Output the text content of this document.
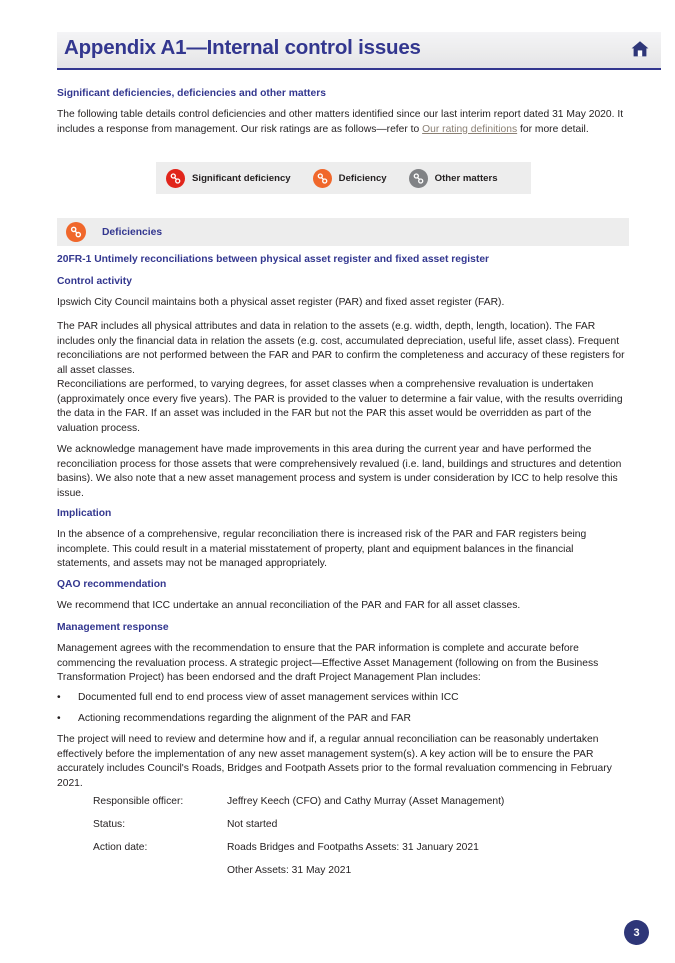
Appendix A1—Internal control issues
Significant deficiencies, deficiencies and other matters
The following table details control deficiencies and other matters identified since our last interim report dated 31 May 2020. It includes a response from management. Our risk ratings are as follows—refer to Our rating definitions for more detail.
Significant deficiency	Deficiency	Other matters
Deficiencies
20FR-1 Untimely reconciliations between physical asset register and fixed asset register
Control activity
Ipswich City Council maintains both a physical asset register (PAR) and fixed asset register (FAR).
The PAR includes all physical attributes and data in relation to the assets (e.g. width, depth, length, location). The FAR includes only the financial data in relation the assets (e.g. cost, accumulated depreciation, useful life, asset class). Frequent reconciliations are not performed between the FAR and PAR to confirm the completeness and accuracy of these registers for all asset classes.
Reconciliations are performed, to varying degrees, for asset classes when a comprehensive revaluation is undertaken (approximately once every five years). The PAR is provided to the valuer to determine a fair value, with the results overriding the data in the FAR. If an asset was included in the FAR but not the PAR this asset would be overridden as part of the valuation process.
We acknowledge management have made improvements in this area during the current year and have performed the reconciliation process for those assets that were comprehensively revalued (i.e. land, buildings and structures and detention basins). We also note that a new asset management process and system is under consideration by ICC to help resolve this issue.
Implication
In the absence of a comprehensive, regular reconciliation there is increased risk of the PAR and FAR registers being incomplete. This could result in a material misstatement of property, plant and equipment balances in the financial statements, and assets may not be managed appropriately.
QAO recommendation
We recommend that ICC undertake an annual reconciliation of the PAR and FAR for all asset classes.
Management response
Management agrees with the recommendation to ensure that the PAR information is complete and accurate before commencing the revaluation process. A strategic project—Effective Asset Management (following on from the Business Transformation Project) has been endorsed and the draft Project Management Plan includes:
• Documented full end to end process view of asset management services within ICC
• Actioning recommendations regarding the alignment of the PAR and FAR
The project will need to review and determine how and if, a regular annual reconciliation can be reasonably undertaken effectively before the implementation of any new asset management system(s). A key action will be to ensure the PAR accurately includes Council's Roads, Bridges and Footpath Assets prior to the formal revaluation commencing in February 2021.
Responsible officer:	Jeffrey Keech (CFO) and Cathy Murray (Asset Management)
Status:	Not started
Action date:	Roads Bridges and Footpaths Assets: 31 January 2021
Other Assets: 31 May 2021
3
